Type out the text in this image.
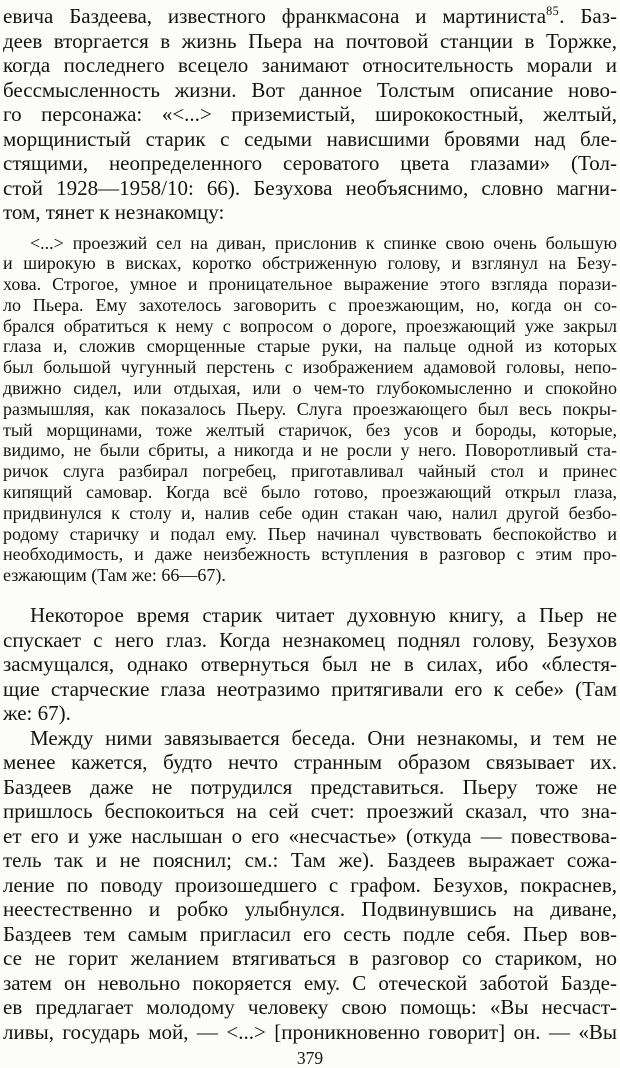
евича Баздеева, известного франкмасона и мартиниста$^{85}$. Баз-
деев вторгается в жизнь Пьера на почтовой станции в Торжке,
когда последнего всецело занимают относительность морали и
бессмысленность жизни. Вот данное Толстым описание ново-
го персонажа: «<...> приземистый, ширококостный, желтый,
морщинистый старик с седыми нависшими бровями над бле-
стящими, неопределенного сероватого цвета глазами» (Тол-
стой 1928—1958/10: 66). Безухова необъяснимо, словно магни-
том, тянет к незнакомцу:
<...> проезжий сел на диван, прислонив к спинке свою очень большую
и широкую в висках, коротко обстриженную голову, и взглянул на Безу-
хова. Строгое, умное и проницательное выражение этого взгляда порази-
ло Пьера. Ему захотелось заговорить с проезжающим, но, когда он со-
брался обратиться к нему с вопросом о дороге, проезжающий уже закрыл
глаза и, сложив сморщенные старые руки, на пальце одной из которых
был большой чугунный перстень с изображением адамовой головы, непо-
движно сидел, или отдыхая, или о чем-то глубокомысленно и спокойно
размышляя, как показалось Пьеру. Слуга проезжающего был весь покры-
тый морщинами, тоже желтый старичок, без усов и бороды, которые,
видимо, не были сбриты, а никогда и не росли у него. Поворотливый ста-
ричок слуга разбирал погребец, приготавливал чайный стол и принес
кипящий самовар. Когда всё было готово, проезжающий открыл глаза,
придвинулся к столу и, налив себе один стакан чаю, налил другой безбо-
родому старичку и подал ему. Пьер начинал чувствовать беспокойство и
необходимость, и даже неизбежность вступления в разговор с этим про-
езжающим (Там же: 66—67).
Некоторое время старик читает духовную книгу, а Пьер не
спускает с него глаз. Когда незнакомец поднял голову, Безухов
засмущался, однако отвернуться был не в силах, ибо «блестя-
щие старческие глаза неотразимо притягивали его к себе» (Там
же: 67).
Между ними завязывается беседа. Они незнакомы, и тем не
менее кажется, будто нечто странным образом связывает их.
Баздеев даже не потрудился представиться. Пьеру тоже не
пришлось беспокоиться на сей счет: проезжий сказал, что зна-
ет его и уже наслышан о его «несчастье» (откуда — повествова-
тель так и не пояснил; см.: Там же). Баздеев выражает сожа-
ление по поводу произошедшего с графом. Безухов, покраснев,
неестественно и робко улыбнулся. Подвинувшись на диване,
Баздеев тем самым пригласил его сесть подле себя. Пьер вов-
се не горит желанием втягиваться в разговор со стариком, но
затем он невольно покоряется ему. С отеческой заботой Базде-
ев предлагает молодому человеку свою помощь: «Вы несчаст-
ливы, государь мой, — <...> [проникновенно говорит] он. — «Вы
379
